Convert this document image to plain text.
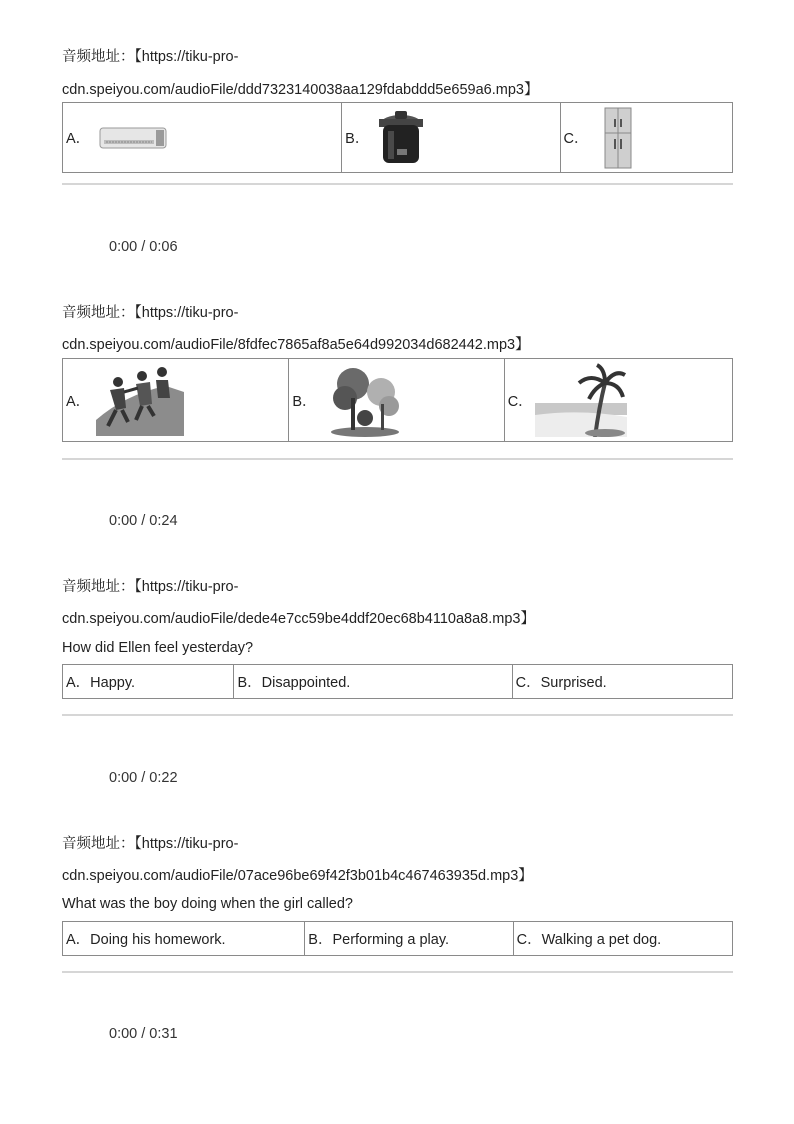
音频地址：【https://tiku-pro-
cdn.speiyou.com/audioFile/ddd7323140038aa129fdabddd5e659a6.mp3】
A．	B．	C．
0:00 / 0:06
音频地址：【https://tiku-pro-
cdn.speiyou.com/audioFile/8fdfec7865af8a5e64d992034d682442.mp3】
A．	B．	C．
0:00 / 0:24
音频地址：【https://tiku-pro-
cdn.speiyou.com/audioFile/dede4e7cc59be4ddf20ec68b4110a8a8.mp3】
How did Ellen feel yesterday?
A．Happy.	B．Disappointed.	C．Surprised.
0:00 / 0:22
音频地址：【https://tiku-pro-
cdn.speiyou.com/audioFile/07ace96be69f42f3b01b4c467463935d.mp3】
What was the boy doing when the girl called?
A．Doing his homework.	B．Performing a play.	C．Walking a pet dog.
0:00 / 0:31
